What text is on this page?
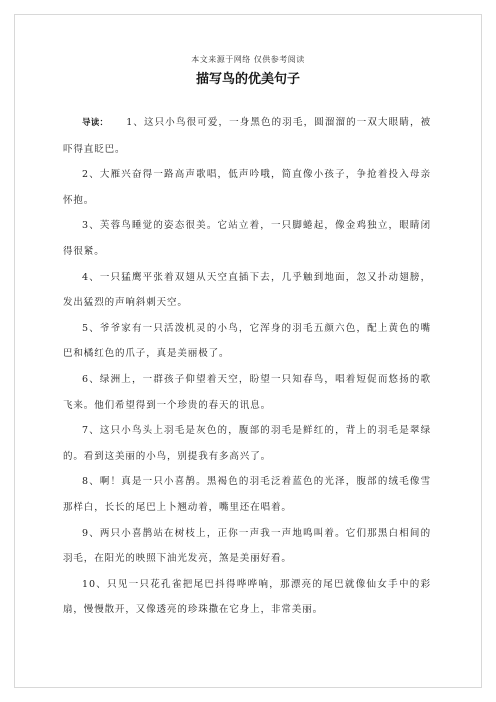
本文来源于网络 仅供参考阅读
描写鸟的优美句子

导读： 1、这只小鸟很可爱，一身黑色的羽毛，圆溜溜的一双大眼睛，被吓得直眨巴。

2、大雁兴奋得一路高声歌唱，低声吟哦，简直像小孩子，争抢着投入母亲怀抱。

3、芙蓉鸟睡觉的姿态很美。它站立着，一只脚蜷起，像金鸡独立，眼睛闭得很紧。

4、一只猛鹰平张着双翅从天空直插下去，几乎触到地面，忽又扑动翅膀，发出猛烈的声响斜刺天空。

5、爷爷家有一只活泼机灵的小鸟，它浑身的羽毛五颜六色，配上黄色的嘴巴和橘红色的爪子，真是美丽极了。

6、绿洲上，一群孩子仰望着天空，盼望一只知春鸟，唱着短促而悠扬的歌飞来。他们希望得到一个珍贵的春天的讯息。

7、这只小鸟头上羽毛是灰色的，腹部的羽毛是鲜红的，背上的羽毛是翠绿的。看到这美丽的小鸟，别提我有多高兴了。

8、啊！真是一只小喜鹊。黑褐色的羽毛泛着蓝色的光泽，腹部的绒毛像雪那样白，长长的尾巴上卜翘动着，嘴里还在唱着。

9、两只小喜鹊站在树枝上，正你一声我一声地鸣叫着。它们那黑白相间的羽毛，在阳光的映照下油光发亮，煞是美丽好看。

10、只见一只花孔雀把尾巴抖得哗哗响，那漂亮的尾巴就像仙女手中的彩扇，慢慢散开，又像透亮的珍珠撒在它身上，非常美丽。
